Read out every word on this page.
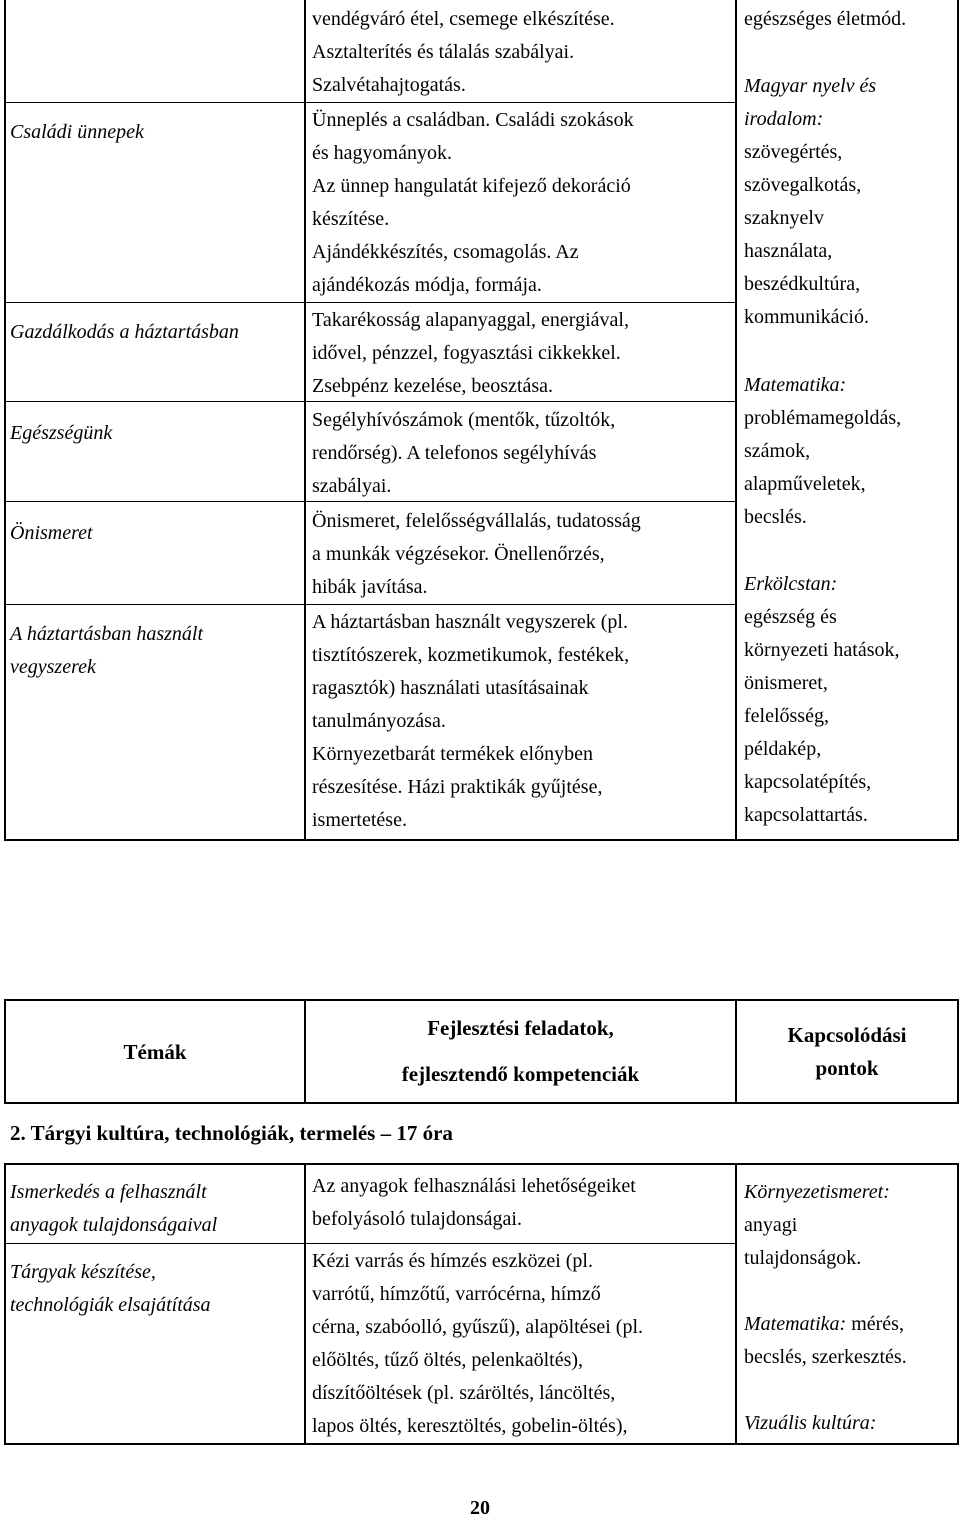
Családi ünnepek
Gazdálkodás a háztartásban
Egészségünk
Önismeret
A háztartásban használt
vegyszerek
vendégváró étel, csemege elkészítése.
Asztalterítés és tálalás szabályai.
Szalvétahajtogatás.
Ünneplés a családban. Családi szokások
és hagyományok.
Az ünnep hangulatát kifejező dekoráció
készítése.
Ajándékkészítés, csomagolás. Az
ajándékozás módja, formája.
Takarékosság alapanyaggal, energiával,
idővel, pénzzel, fogyasztási cikkekkel.
Zsebpénz kezelése, beosztása.
Segélyhívószámok (mentők, tűzoltók,
rendőrség). A telefonos segélyhívás
szabályai.
Önismeret, felelősségvállalás, tudatosság
a munkák végzésekor. Önellenőrzés,
hibák javítása.
A háztartásban használt vegyszerek (pl.
tisztítószerek, kozmetikumok, festékek,
ragasztók) használati utasításainak
tanulmányozása.
Környezetbarát termékek előnyben
részesítése. Házi praktikák gyűjtése,
ismertetése.
egészséges életmód.
Magyar nyelv és
irodalom:
szövegértés,
szövegalkotás,
szaknyelv
használata,
beszédkultúra,
kommunikáció.
Matematika:
problémamegoldás,
számok,
alapműveletek,
becslés.
Erkölcstan:
egészség és
környezeti hatások,
önismeret,
felelősség,
példakép,
kapcsolatépítés,
kapcsolattartás.
Témák
Fejlesztési feladatok,
fejlesztendő kompetenciák
Kapcsolódási
pontok
2. Tárgyi kultúra, technológiák, termelés – 17 óra
Ismerkedés a felhasznált
anyagok tulajdonságaival
Tárgyak készítése,
technológiák elsajátítása
Az anyagok felhasználási lehetőségeiket
befolyásoló tulajdonságai.
Kézi varrás és hímzés eszközei (pl.
varrótű, hímzőtű, varrócérna, hímző
cérna, szabóolló, gyűszű), alapöltései (pl.
előöltés, tűző öltés, pelenkaöltés),
díszítőöltések (pl. száröltés, láncöltés,
lapos öltés, keresztöltés, gobelin-öltés),
Környezetismeret:
anyagi
tulajdonságok.
Matematika: mérés,
becslés, szerkesztés.
Vizuális kultúra:
20
